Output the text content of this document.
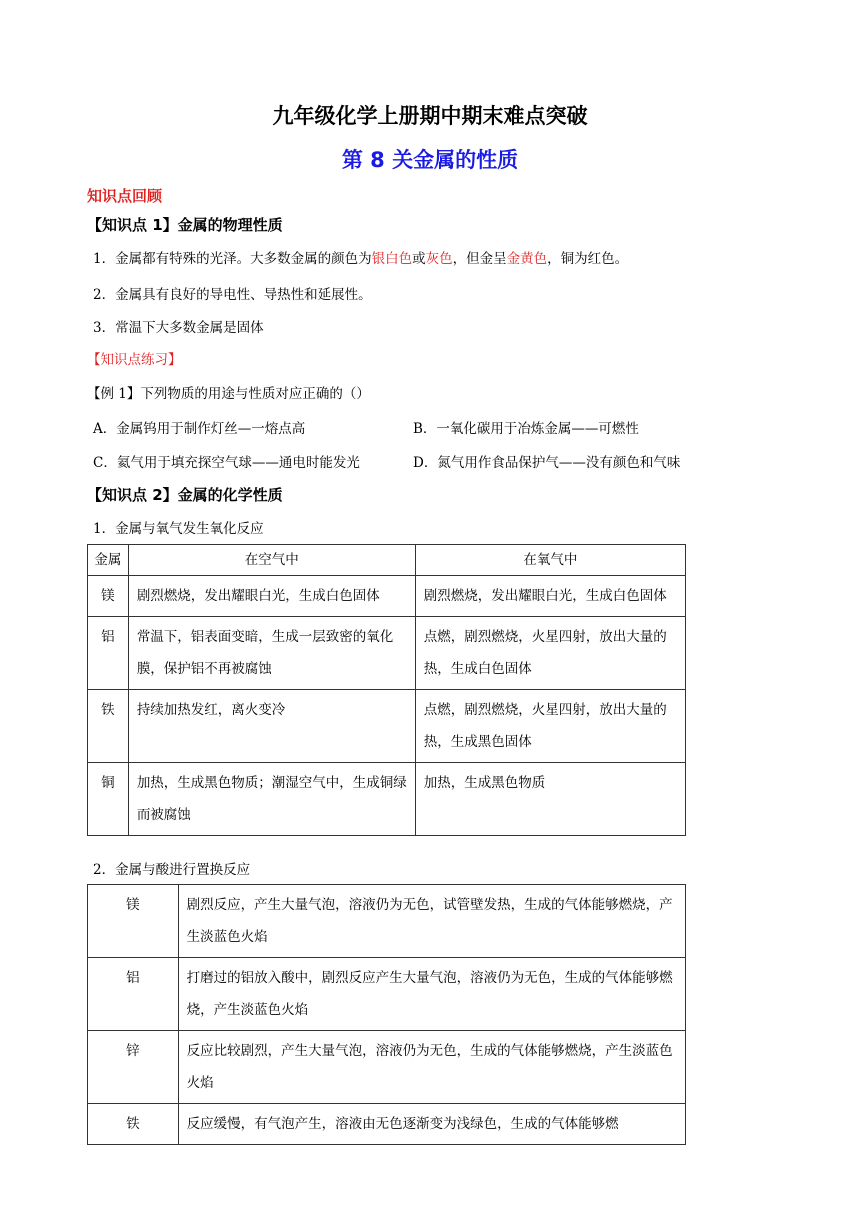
九年级化学上册期中期末难点突破
第 8 关金属的性质
知识点回顾
【知识点 1】金属的物理性质
1．金属都有特殊的光泽。大多数金属的颜色为银白色或灰色，但金呈金黄色，铜为红色。
2．金属具有良好的导电性、导热性和延展性。
3．常温下大多数金属是固体
【知识点练习】
【例 1】下列物质的用途与性质对应正确的（）
A．金属钨用于制作灯丝—一熔点高	B．一氧化碳用于冶炼金属——可燃性
C．氦气用于填充探空气球——通电时能发光	D．氮气用作食品保护气——没有颜色和气味
【知识点 2】金属的化学性质
1．金属与氧气发生氧化反应
金属	在空气中	在氧气中
镁	剧烈燃烧，发出耀眼白光，生成白色固体	剧烈燃烧，发出耀眼白光，生成白色固体
铝	常温下，铝表面变暗，生成一层致密的氧化膜，保护铝不再被腐蚀	点燃，剧烈燃烧，火星四射，放出大量的热，生成白色固体
铁	持续加热发红，离火变冷	点燃，剧烈燃烧，火星四射，放出大量的热，生成黑色固体
铜	加热，生成黑色物质；潮湿空气中，生成铜绿而被腐蚀	加热，生成黑色物质
2．金属与酸进行置换反应
镁	剧烈反应，产生大量气泡，溶液仍为无色，试管壁发热，生成的气体能够燃烧，产生淡蓝色火焰
铝	打磨过的铝放入酸中，剧烈反应产生大量气泡，溶液仍为无色，生成的气体能够燃烧，产生淡蓝色火焰
锌	反应比较剧烈，产生大量气泡，溶液仍为无色，生成的气体能够燃烧，产生淡蓝色火焰
铁	反应缓慢，有气泡产生，溶液由无色逐渐变为浅绿色，生成的气体能够燃
